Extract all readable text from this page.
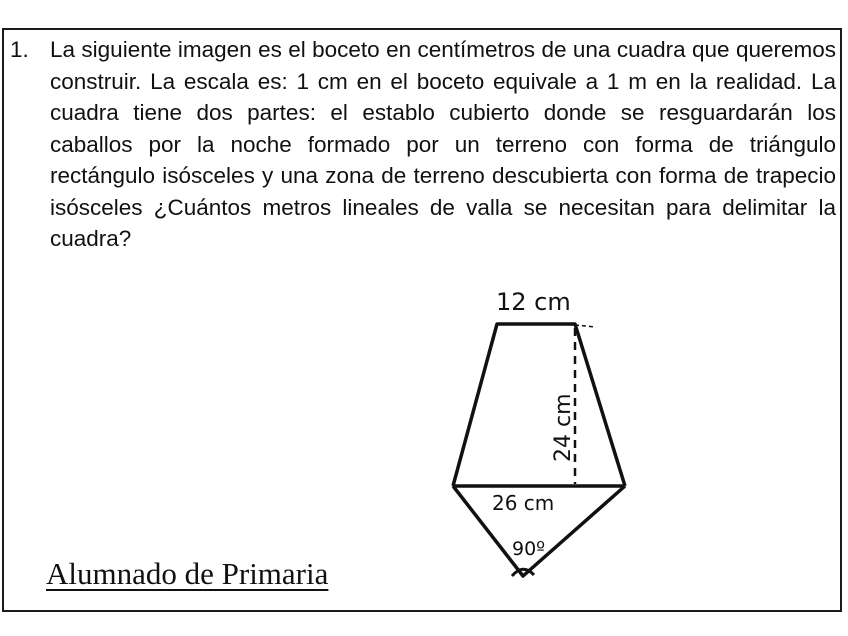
1. La siguiente imagen es el boceto en centímetros de una cuadra que queremos construir. La escala es: 1 cm en el boceto equivale a 1 m en la realidad. La cuadra tiene dos partes: el establo cubierto donde se resguardarán los caballos por la noche formado por un terreno con forma de triángulo rectángulo isósceles y una zona de terreno descubierta con forma de trapecio isósceles ¿Cuántos metros lineales de valla se necesitan para delimitar la cuadra?
12 cm
24 cm
26 cm
90º
Alumnado de Primaria
